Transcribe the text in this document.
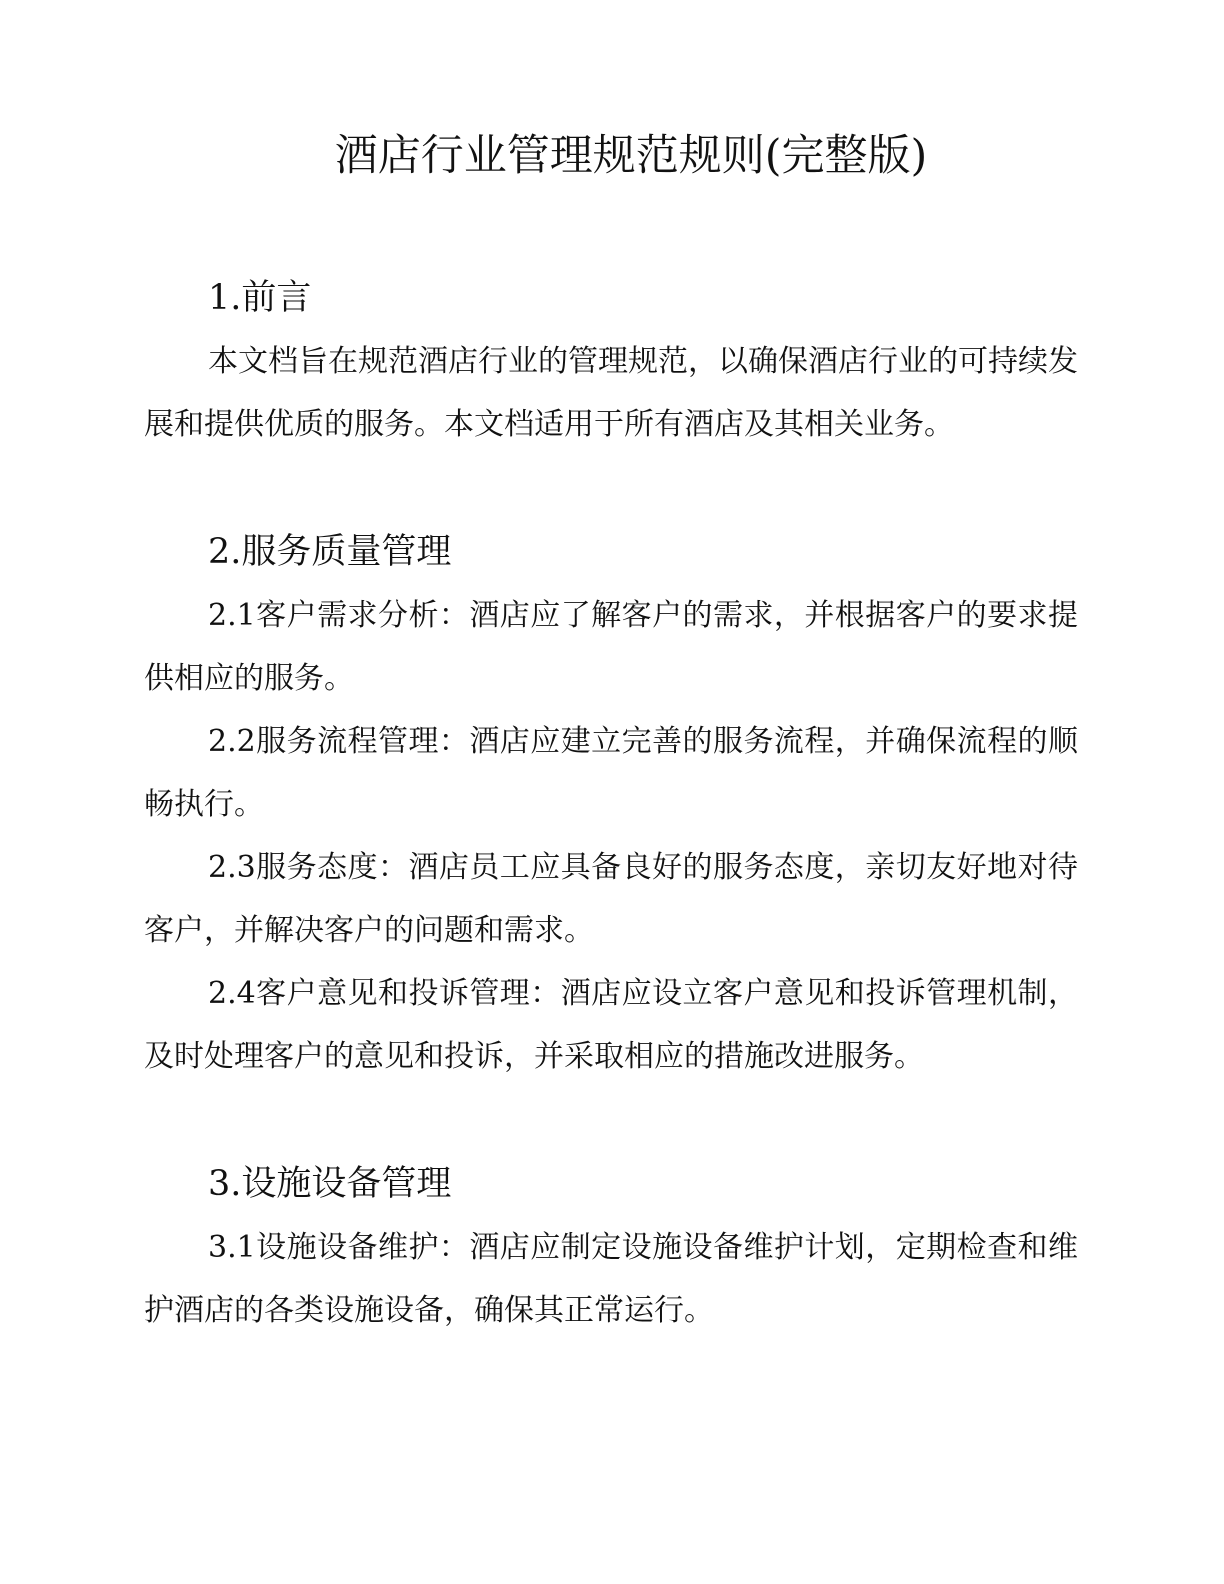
酒店行业管理规范规则(完整版)
1.前言

本文档旨在规范酒店行业的管理规范，以确保酒店行业的可持续发展和提供优质的服务。本文档适用于所有酒店及其相关业务。

2.服务质量管理

2.1客户需求分析：酒店应了解客户的需求，并根据客户的要求提供相应的服务。

2.2服务流程管理：酒店应建立完善的服务流程，并确保流程的顺畅执行。

2.3服务态度：酒店员工应具备良好的服务态度，亲切友好地对待客户，并解决客户的问题和需求。

2.4客户意见和投诉管理：酒店应设立客户意见和投诉管理机制，及时处理客户的意见和投诉，并采取相应的措施改进服务。

3.设施设备管理

3.1设施设备维护：酒店应制定设施设备维护计划，定期检查和维护酒店的各类设施设备，确保其正常运行。
